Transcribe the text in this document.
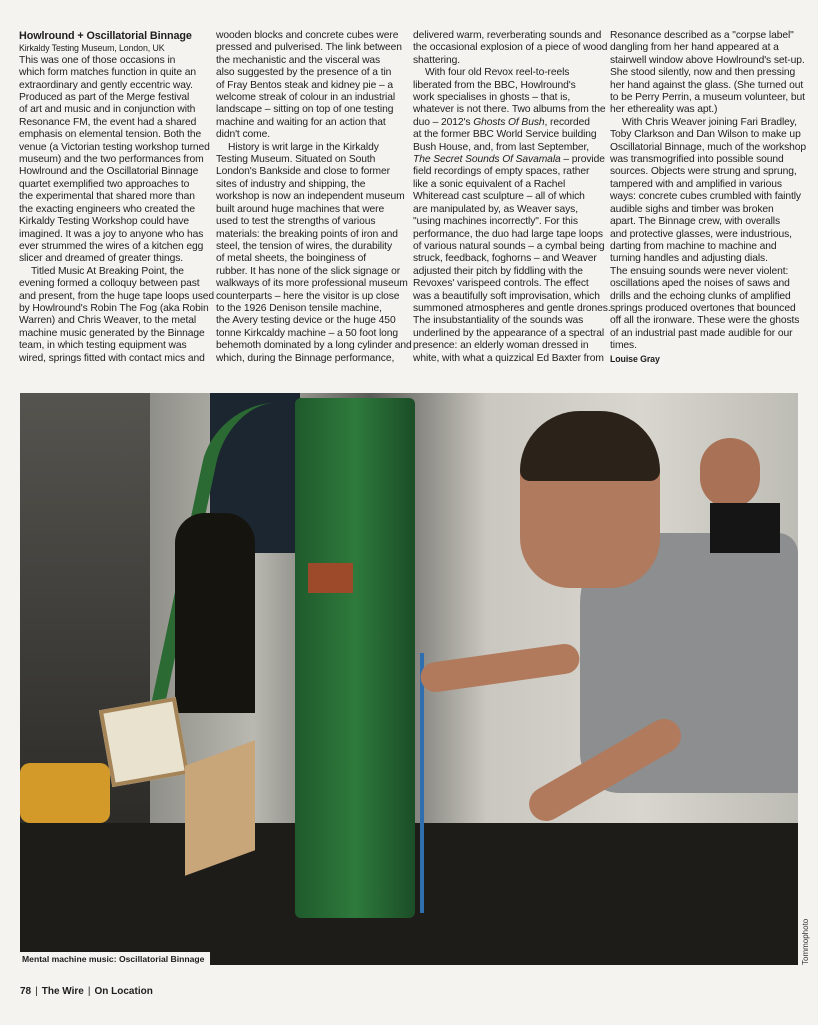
Howlround + Oscillatorial Binnage
Kirkaldy Testing Museum, London, UK
This was one of those occasions in
which form matches function in quite an
extraordinary and gently eccentric way.
Produced as part of the Merge festival
of art and music and in conjunction with
Resonance FM, the event had a shared
emphasis on elemental tension. Both the
venue (a Victorian testing workshop turned
museum) and the two performances from
Howlround and the Oscillatorial Binnage
quartet exemplified two approaches to
the experimental that shared more than
the exacting engineers who created the
Kirkaldy Testing Workshop could have
imagined. It was a joy to anyone who has
ever strummed the wires of a kitchen egg
slicer and dreamed of greater things.
Titled Music At Breaking Point, the
evening formed a colloquy between past
and present, from the huge tape loops used
by Howlround's Robin The Fog (aka Robin
Warren) and Chris Weaver, to the metal
machine music generated by the Binnage
team, in which testing equipment was
wired, springs fitted with contact mics and
wooden blocks and concrete cubes were
pressed and pulverised. The link between
the mechanistic and the visceral was
also suggested by the presence of a tin
of Fray Bentos steak and kidney pie – a
welcome streak of colour in an industrial
landscape – sitting on top of one testing
machine and waiting for an action that
didn't come.
History is writ large in the Kirkaldy
Testing Museum. Situated on South
London's Bankside and close to former
sites of industry and shipping, the
workshop is now an independent museum
built around huge machines that were
used to test the strengths of various
materials: the breaking points of iron and
steel, the tension of wires, the durability
of metal sheets, the boinginess of
rubber. It has none of the slick signage or
walkways of its more professional museum
counterparts – here the visitor is up close
to the 1926 Denison tensile machine,
the Avery testing device or the huge 450
tonne Kirkcaldy machine – a 50 foot long
behemoth dominated by a long cylinder and
which, during the Binnage performance,
delivered warm, reverberating sounds and
the occasional explosion of a piece of wood
shattering.
With four old Revox reel-to-reels
liberated from the BBC, Howlround's
work specialises in ghosts – that is,
whatever is not there. Two albums from the
duo – 2012's Ghosts Of Bush, recorded
at the former BBC World Service building
Bush House, and, from last September,
The Secret Sounds Of Savamala – provide
field recordings of empty spaces, rather
like a sonic equivalent of a Rachel
Whiteread cast sculpture – all of which
are manipulated by, as Weaver says,
"using machines incorrectly". For this
performance, the duo had large tape loops
of various natural sounds – a cymbal being
struck, feedback, foghorns – and Weaver
adjusted their pitch by fiddling with the
Revoxes' varispeed controls. The effect
was a beautifully soft improvisation, which
summoned atmospheres and gentle drones.
The insubstantiality of the sounds was
underlined by the appearance of a spectral
presence: an elderly woman dressed in
white, with what a quizzical Ed Baxter from
Resonance described as a "corpse label"
dangling from her hand appeared at a
stairwell window above Howlround's set-up.
She stood silently, now and then pressing
her hand against the glass. (She turned out
to be Perry Perrin, a museum volunteer, but
her ethereality was apt.)
With Chris Weaver joining Fari Bradley,
Toby Clarkson and Dan Wilson to make up
Oscillatorial Binnage, much of the workshop
was transmogrified into possible sound
sources. Objects were strung and sprung,
tampered with and amplified in various
ways: concrete cubes crumbled with faintly
audible sighs and timber was broken
apart. The Binnage crew, with overalls
and protective glasses, were industrious,
darting from machine to machine and
turning handles and adjusting dials.
The ensuing sounds were never violent:
oscillations aped the noises of saws and
drills and the echoing clunks of amplified
springs produced overtones that bounced
off all the ironware. These were the ghosts
of an industrial past made audible for our
times.
Louise Gray
Mental machine music: Oscillatorial Binnage	Tommophoto
78 | The Wire | On Location
